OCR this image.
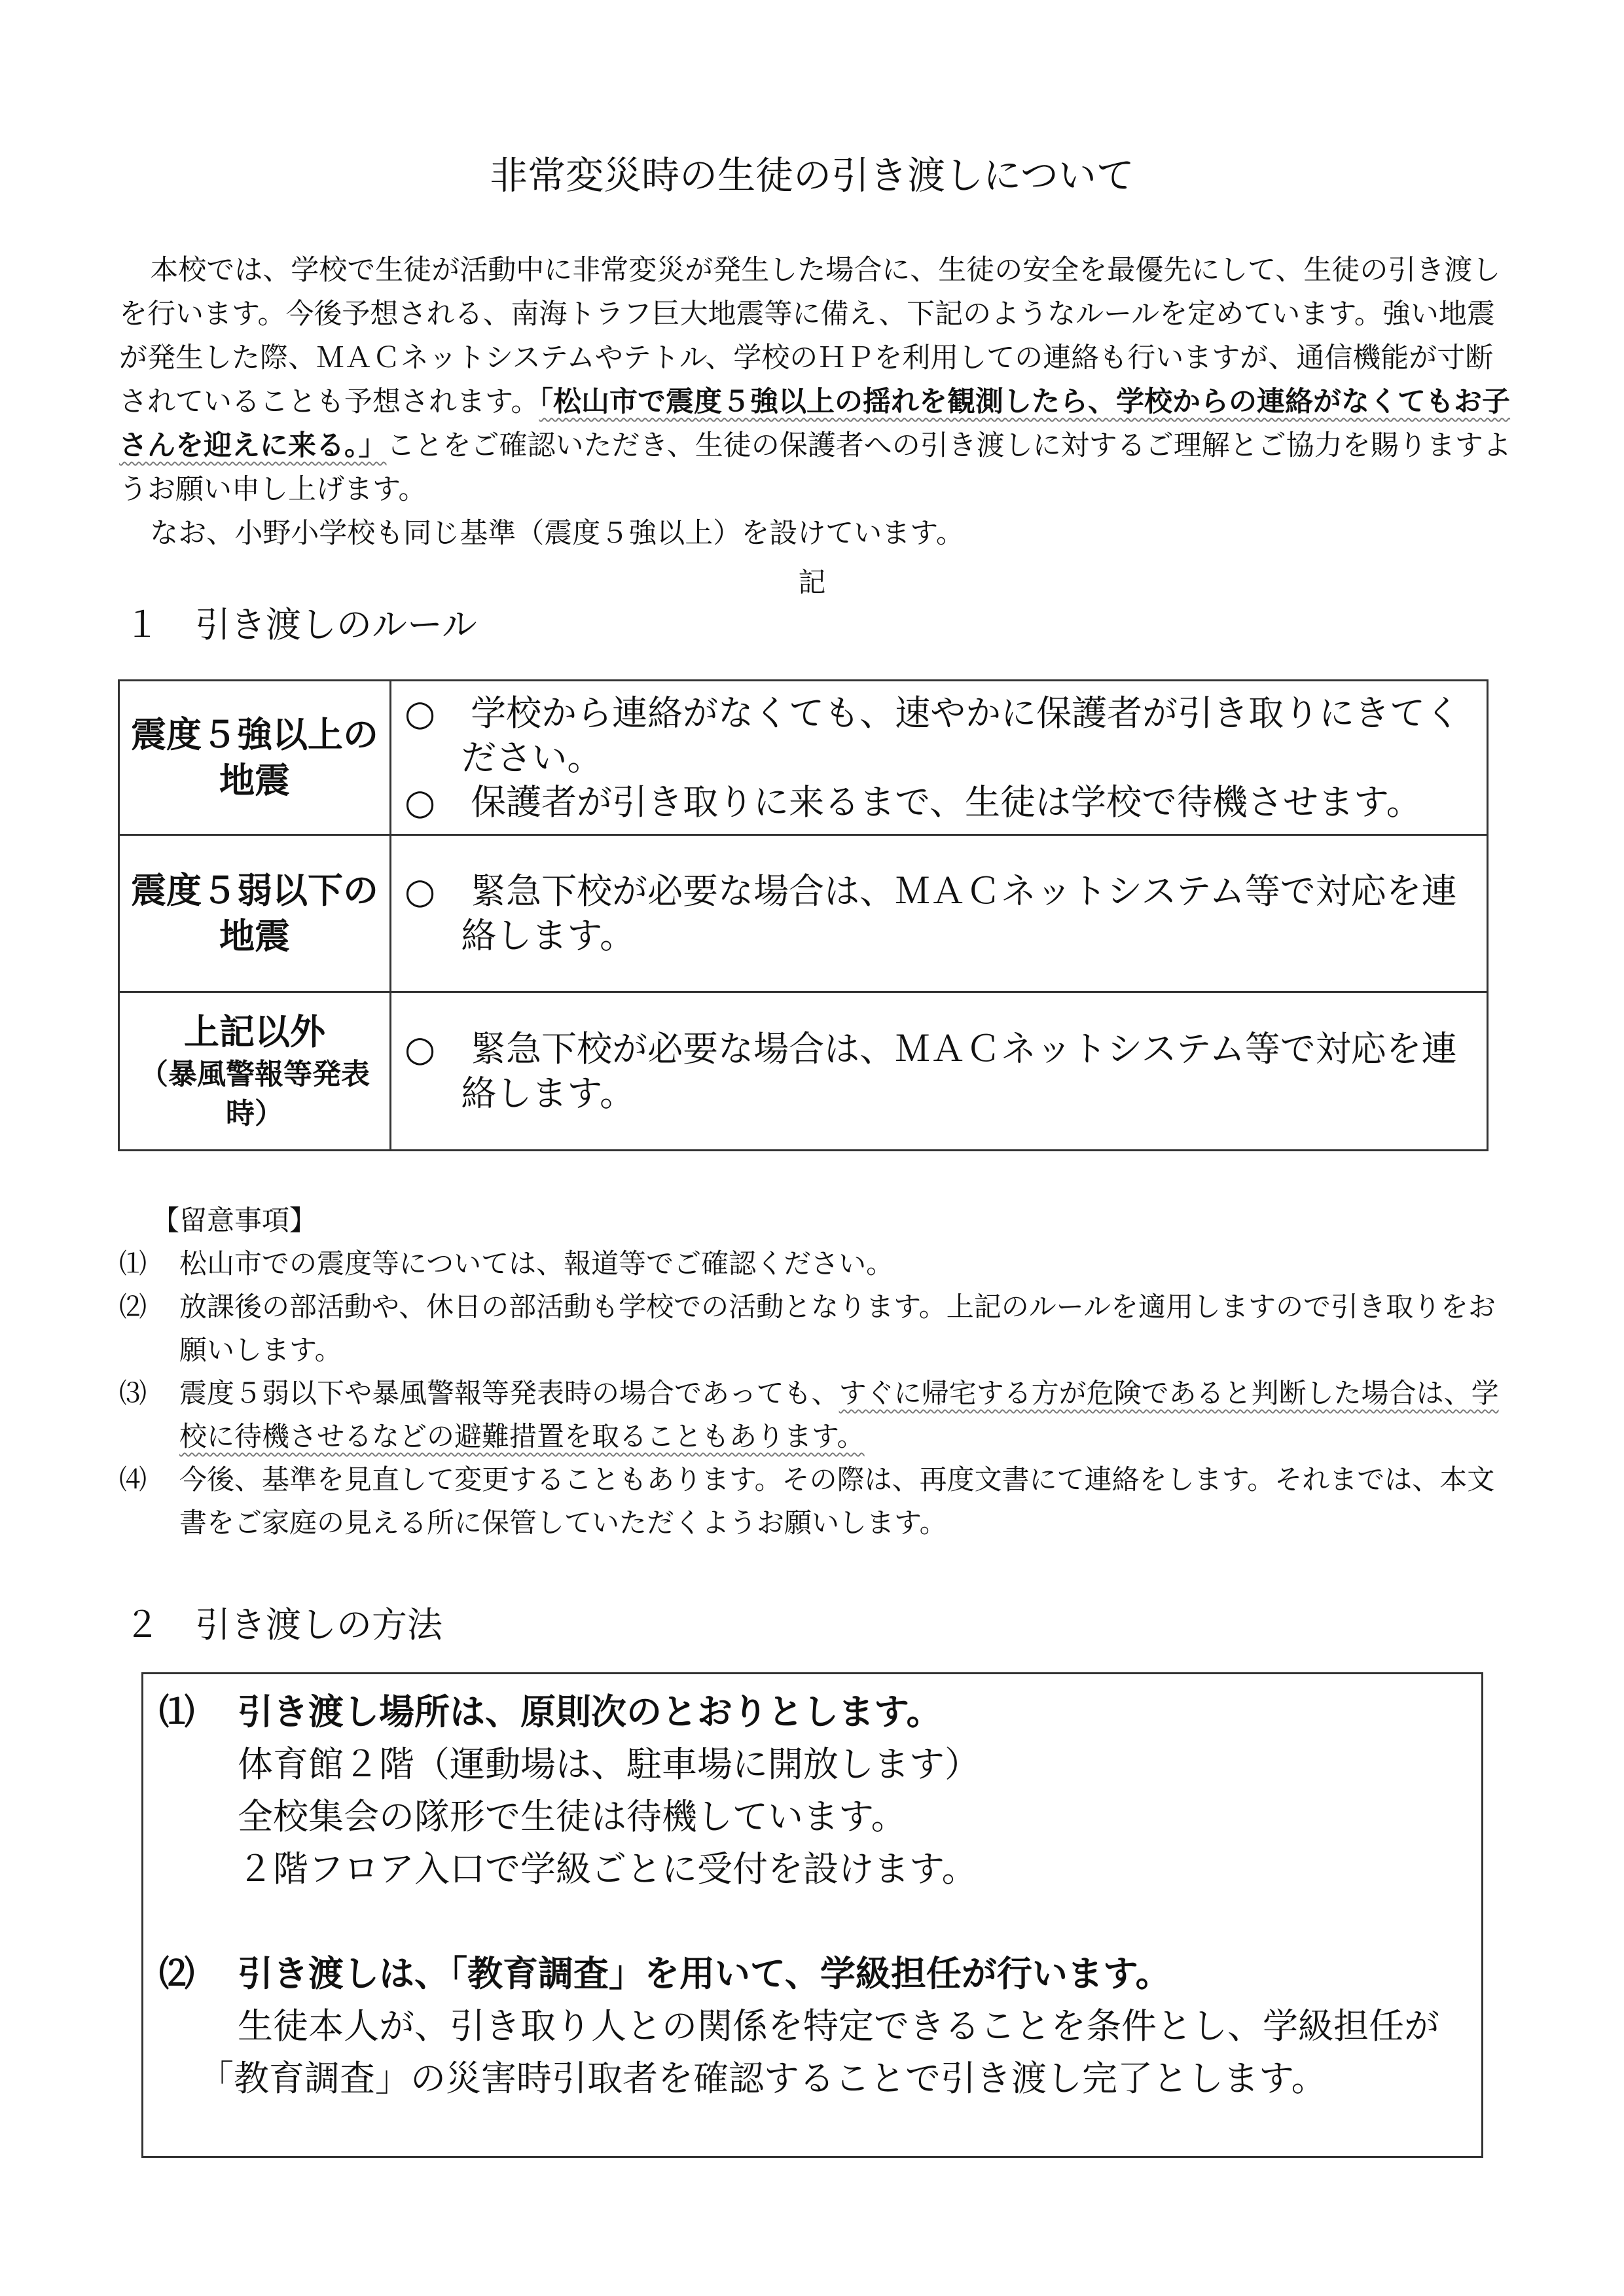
非常変災時の生徒の引き渡しについて

本校では、学校で生徒が活動中に非常変災が発生した場合に、生徒の安全を最優先にして、生徒の引き渡しを行います。今後予想される、南海トラフ巨大地震等に備え、下記のようなルールを定めています。強い地震が発生した際、ＭＡＣネットシステムやテトル、学校のＨＰを利用しての連絡も行いますが、通信機能が寸断されていることも予想されます。「松山市で震度５強以上の揺れを観測したら、学校からの連絡がなくてもお子さんを迎えに来る。」ことをご確認いただき、生徒の保護者への引き渡しに対するご理解とご協力を賜りますようお願い申し上げます。

なお、小野小学校も同じ基準（震度５強以上）を設けています。

記
１　引き渡しのルール
震度５強以上の地震	○　学校から連絡がなくても、速やかに保護者が引き取りにきてください。
○　保護者が引き取りに来るまで、生徒は学校で待機させます。

震度５弱以下の地震	○　緊急下校が必要な場合は、ＭＡＣネットシステム等で対応を連絡します。

上記以外
（暴風警報等発表時）	○　緊急下校が必要な場合は、ＭＡＣネットシステム等で対応を連絡します。
【留意事項】
⑴ 松山市での震度等については、報道等でご確認ください。
⑵ 放課後の部活動や、休日の部活動も学校での活動となります。上記のルールを適用しますので引き取りをお願いします。
⑶ 震度５弱以下や暴風警報等発表時の場合であっても、すぐに帰宅する方が危険であると判断した場合は、学校に待機させるなどの避難措置を取ることもあります。
⑷ 今後、基準を見直して変更することもあります。その際は、再度文書にて連絡をします。それまでは、本文書をご家庭の見える所に保管していただくようお願いします。
２　引き渡しの方法
⑴ 引き渡し場所は、原則次のとおりとします。
体育館２階（運動場は、駐車場に開放します）
全校集会の隊形で生徒は待機しています。
２階フロア入口で学級ごとに受付を設けます。
⑵ 引き渡しは、「教育調査」を用いて、学級担任が行います。
生徒本人が、引き取り人との関係を特定できることを条件とし、学級担任が「教育調査」の災害時引取者を確認することで引き渡し完了とします。
